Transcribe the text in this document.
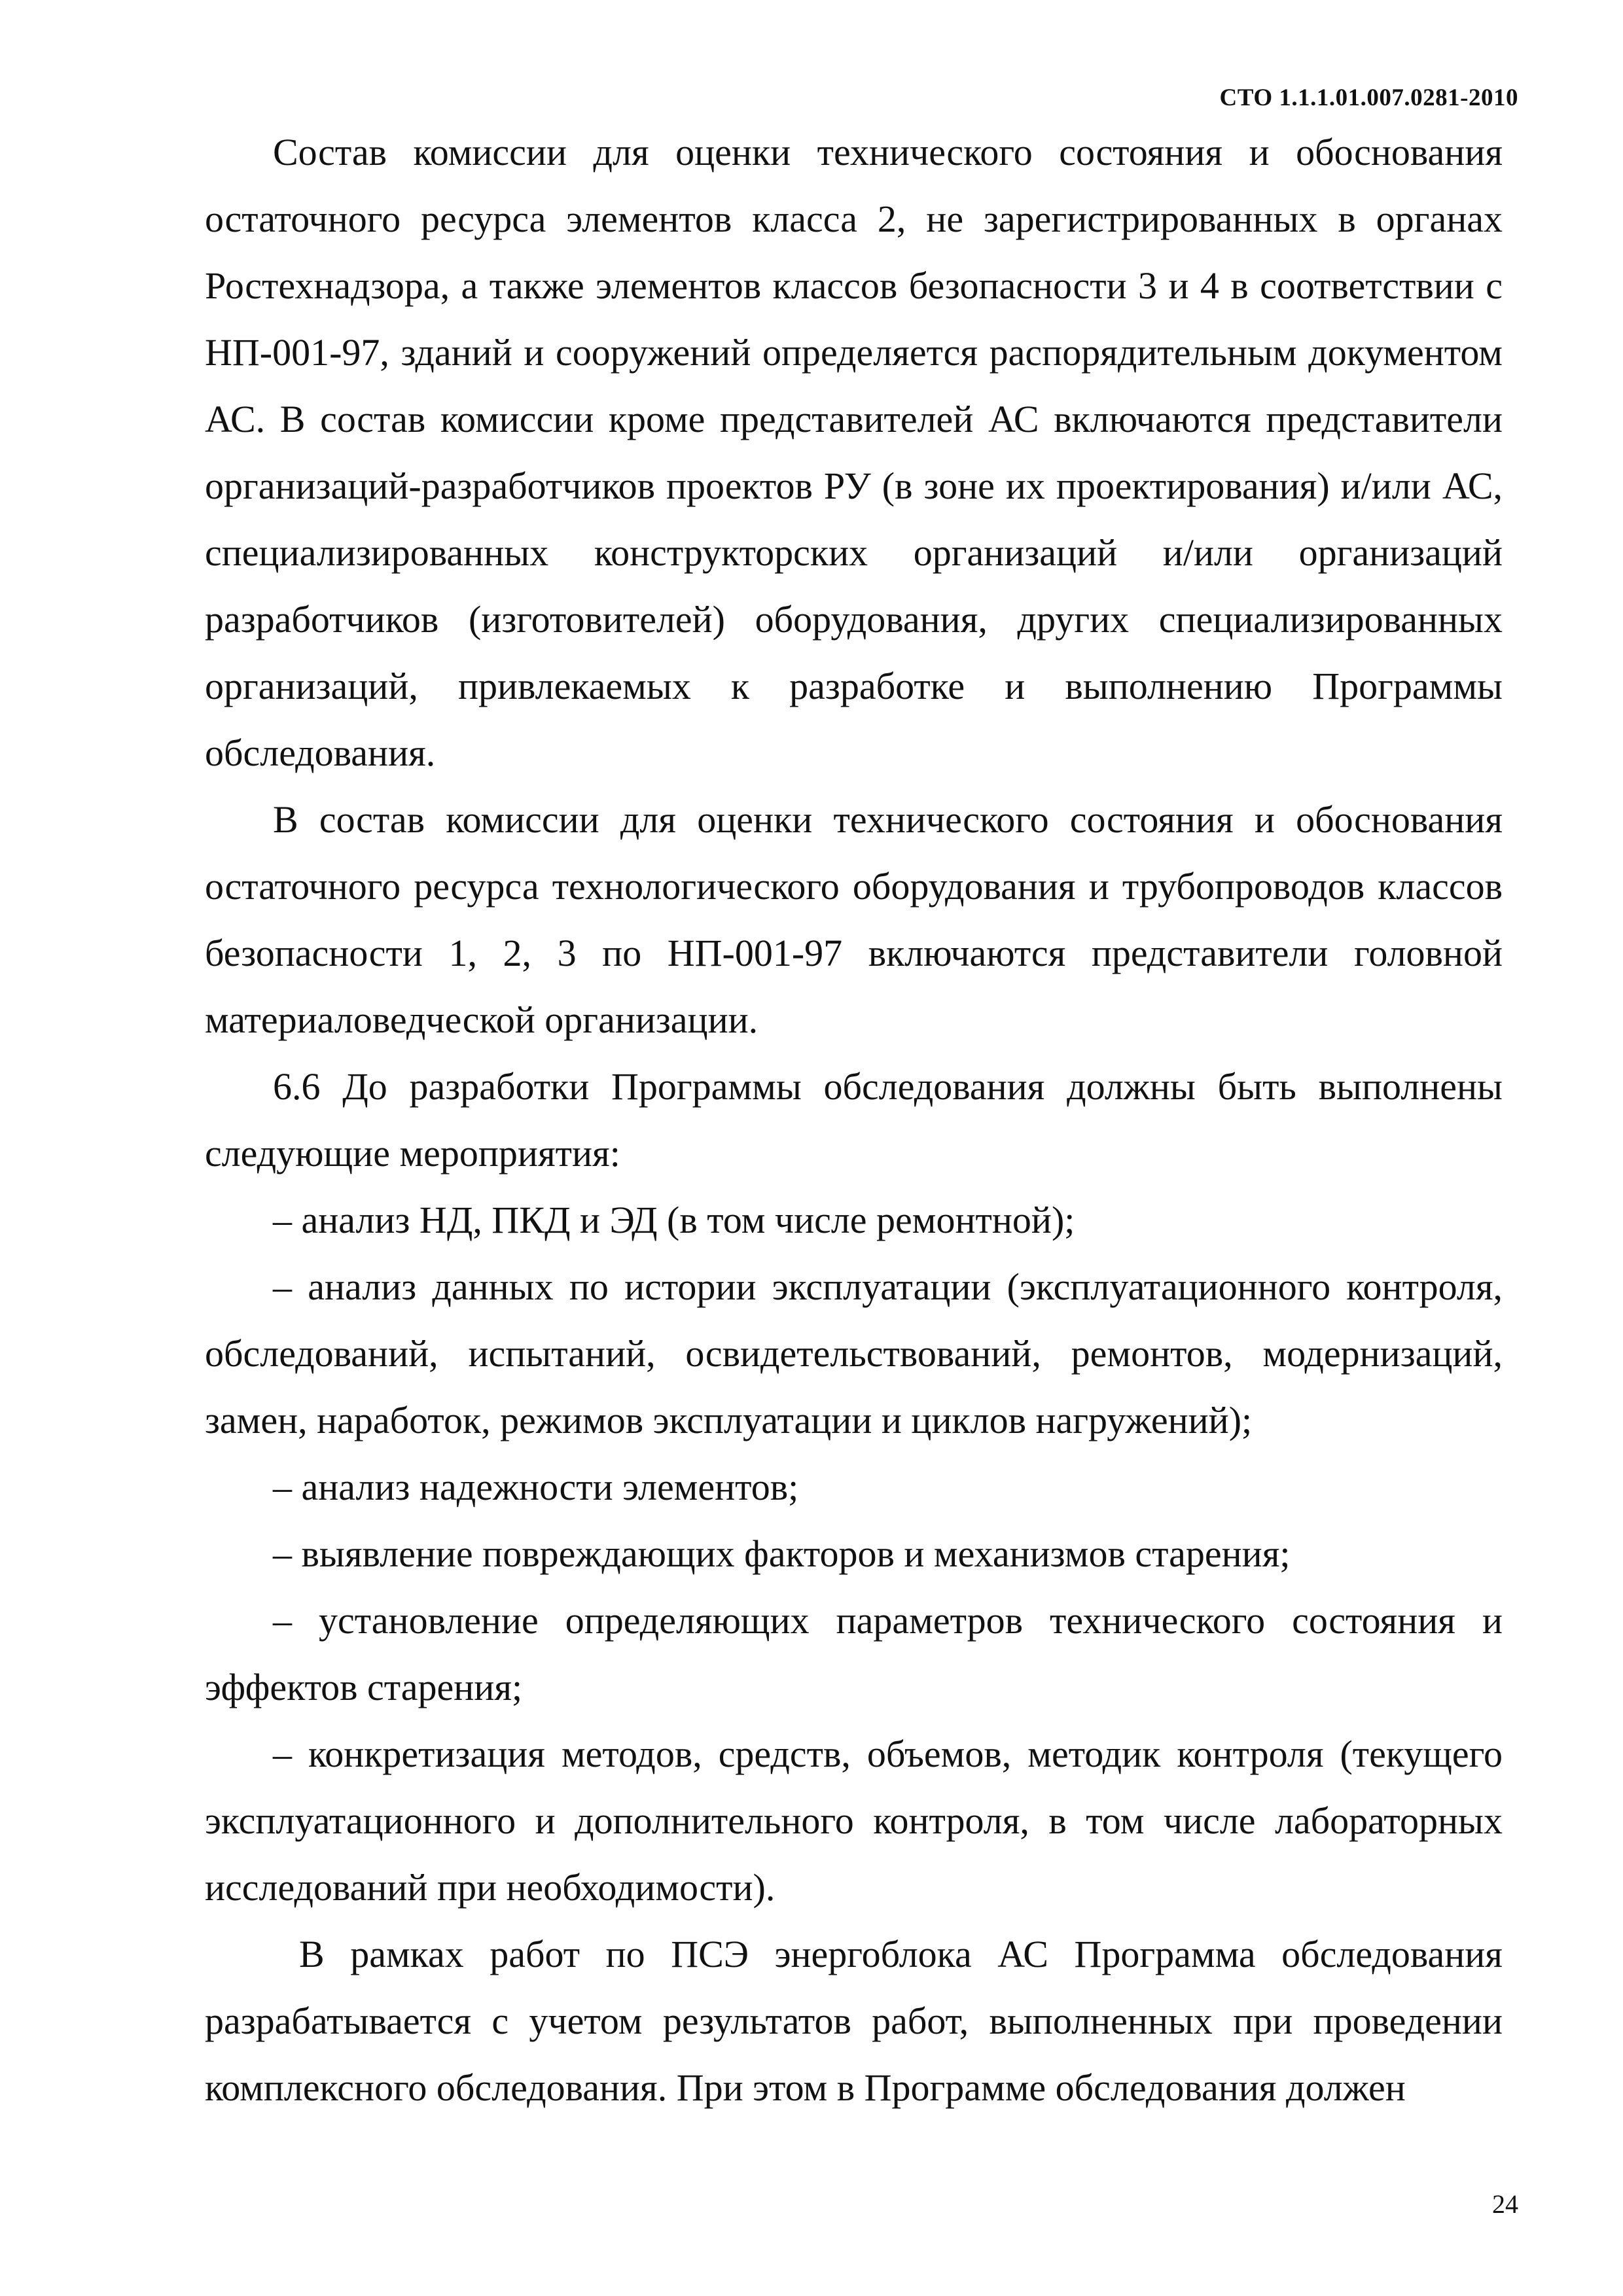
СТО 1.1.1.01.007.0281-2010

Состав комиссии для оценки технического состояния и обоснования остаточного ресурса элементов класса 2, не зарегистрированных в органах Ростехнадзора, а также элементов классов безопасности 3 и 4 в соответствии с НП-001-97, зданий и сооружений определяется распорядительным документом АС. В состав комиссии кроме представителей АС включаются представители организаций-разработчиков проектов РУ (в зоне их проектирования) и/или АС, специализированных конструкторских организаций и/или организаций разработчиков (изготовителей) оборудования, других специализированных организаций, привлекаемых к разработке и выполнению Программы обследования.

В состав комиссии для оценки технического состояния и обоснования остаточного ресурса технологического оборудования и трубопроводов классов безопасности 1, 2, 3 по НП-001-97 включаются представители головной материаловедческой организации.

6.6 До разработки Программы обследования должны быть выполнены следующие мероприятия:

– анализ НД, ПКД и ЭД (в том числе ремонтной);

– анализ данных по истории эксплуатации (эксплуатационного контроля, обследований, испытаний, освидетельствований, ремонтов, модернизаций, замен, наработок, режимов эксплуатации и циклов нагружений);

– анализ надежности элементов;

– выявление повреждающих факторов и механизмов старения;

– установление определяющих параметров технического состояния и эффектов старения;

– конкретизация методов, средств, объемов, методик контроля (текущего эксплуатационного и дополнительного контроля, в том числе лабораторных исследований при необходимости).

В рамках работ по ПСЭ энергоблока АС Программа обследования разрабатывается с учетом результатов работ, выполненных при проведении комплексного обследования. При этом в Программе обследования должен

24
